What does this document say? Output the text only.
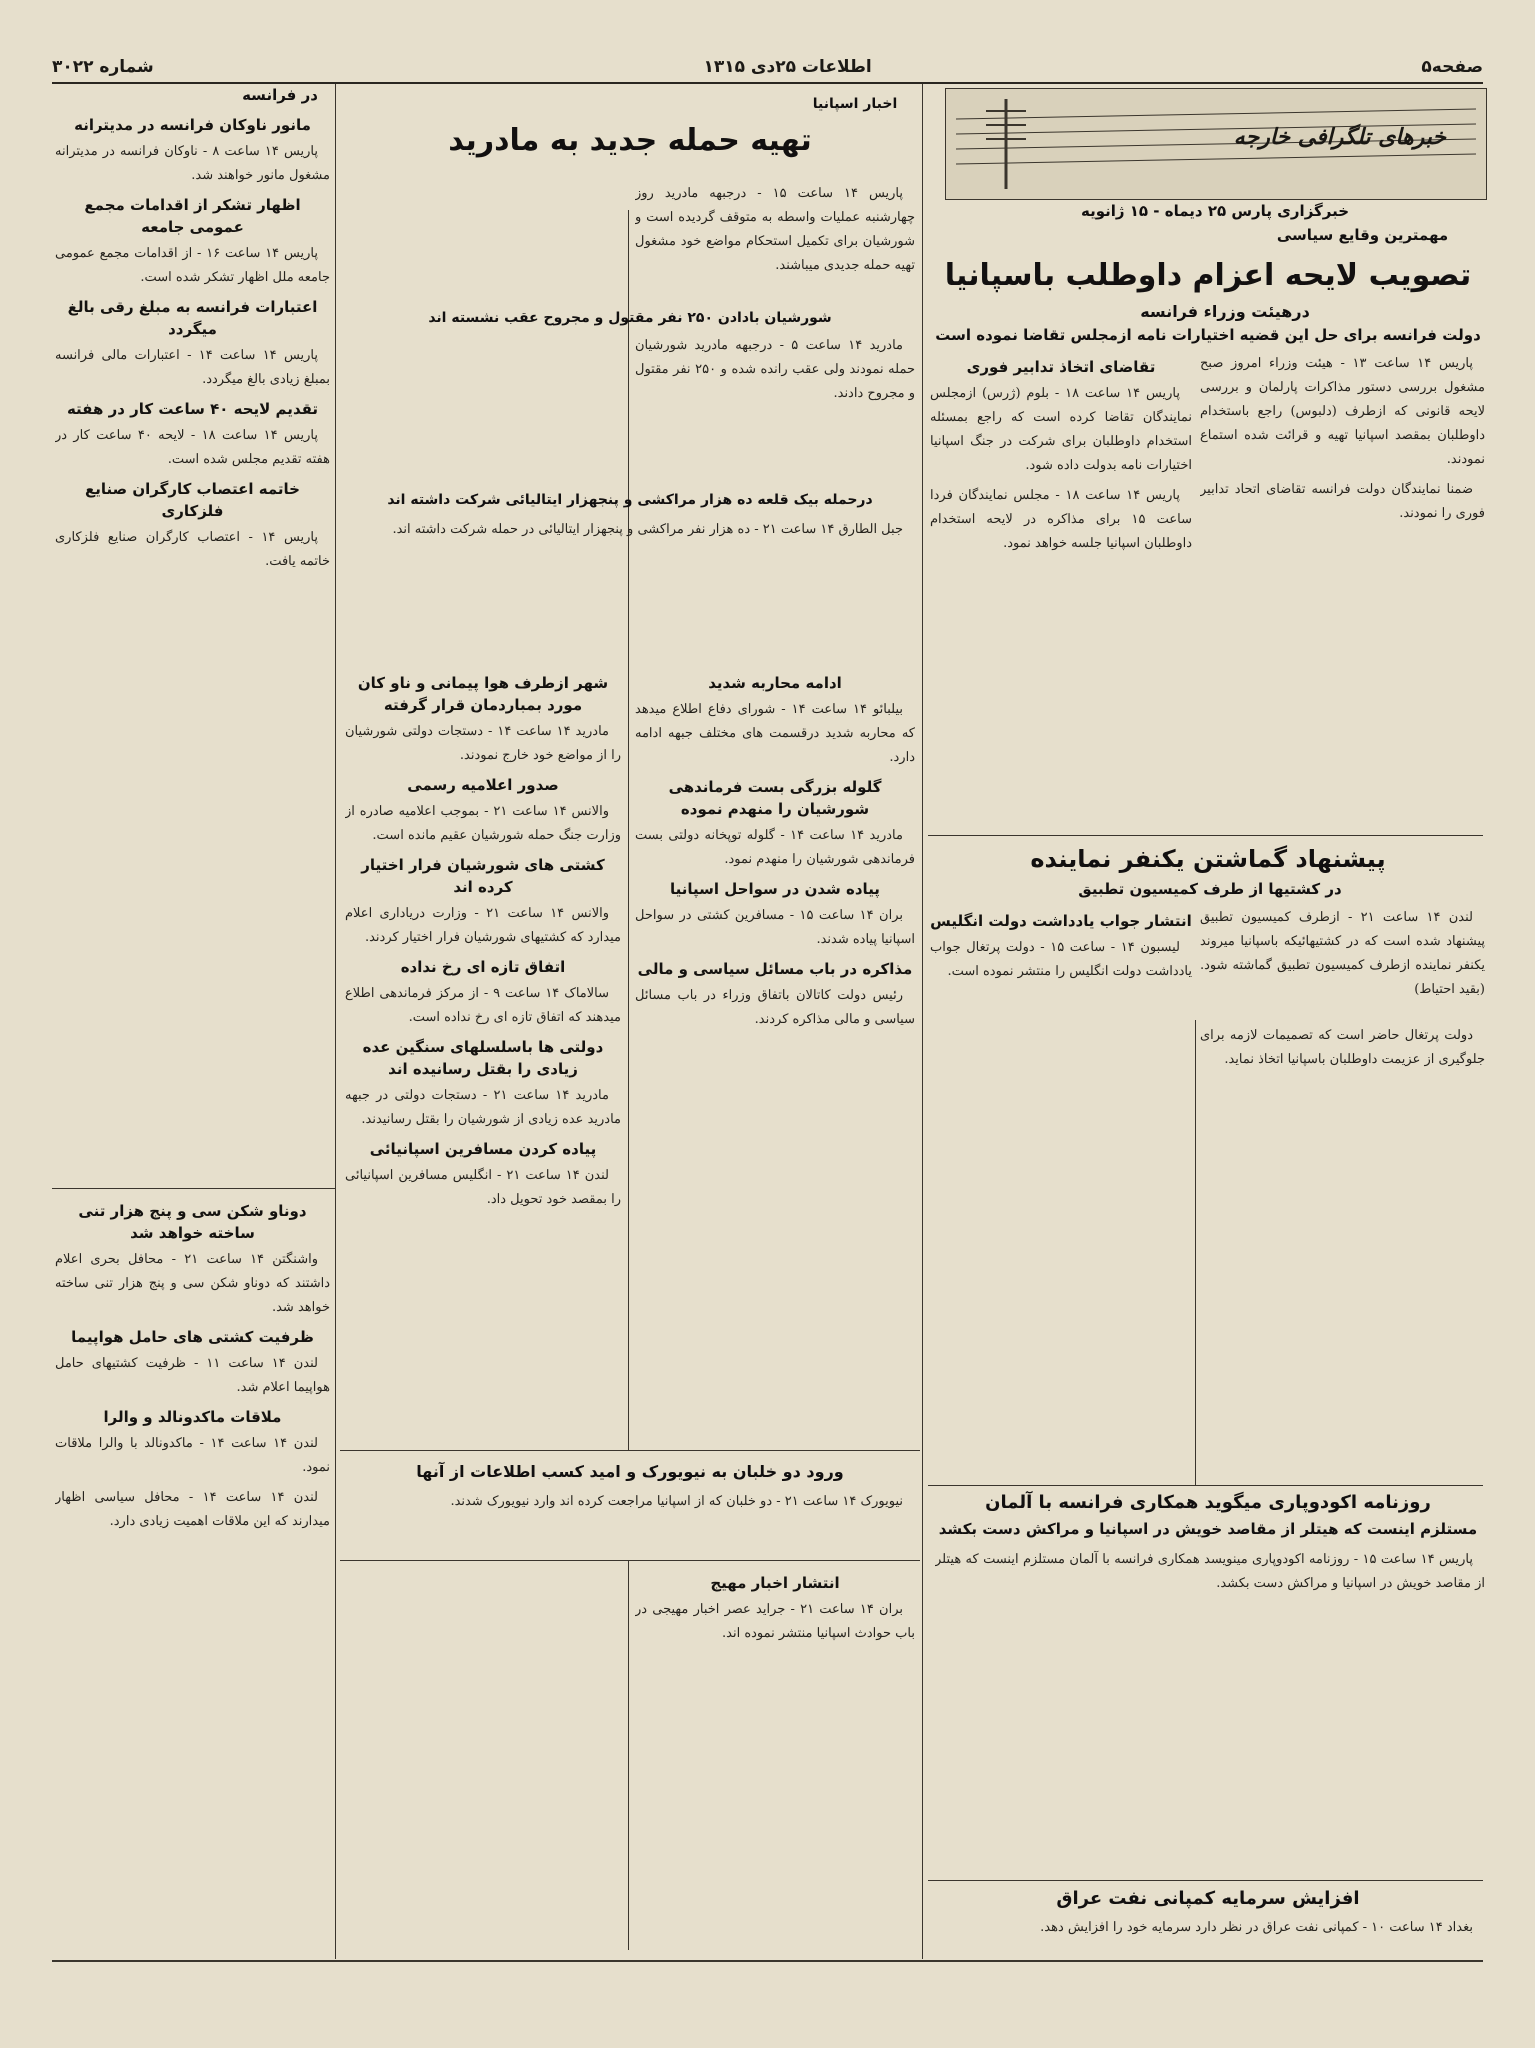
صفحه۵
اطلاعات ۲۵دی ۱۳۱۵
شماره ۳۰۲۲
خبرهای تلگرافی خارجه
خبرگزاری پارس ۲۵ دیماه - ۱۵ ژانویه
مهمترین وقایع سیاسی
تصویب لایحه اعزام داوطلب باسپانیا
درهیئت وزراء فرانسه
دولت فرانسه برای حل این قضیه اختیارات نامه ازمجلس تقاضا نموده است

پاریس ۱۴ ساعت ۱۳ - هیئت وزراء امروز صبح مشغول بررسی دستور مذاکرات پارلمان و بررسی لایحه قانونی که ازطرف (دلبوس) راجع باستخدام داوطلبان بمقصد اسپانیا تهیه و قرائت شده استماع نمودند.

ضمنا نمایندگان دولت فرانسه تقاضای اتحاد تدابیر فوری را نمودند.

تقاضای اتخاذ تدابیر فوری

پاریس ۱۴ ساعت ۱۸ - بلوم (ژرس) ازمجلس نمایندگان تقاضا کرده است که راجع بمسئله استخدام داوطلبان برای شرکت در جنگ اسپانیا اختیارات نامه بدولت داده شود.

پاریس ۱۴ ساعت ۱۸ - مجلس نمایندگان فردا ساعت ۱۵ برای مذاکره در لایحه استخدام داوطلبان اسپانیا جلسه خواهد نمود.

پیشنهاد گماشتن یکنفر نماینده
در کشتیها از طرف کمیسیون تطبیق

لندن ۱۴ ساعت ۲۱ - ازطرف کمیسیون تطبیق پیشنهاد شده است که در کشتیهائیکه باسپانیا میروند یکنفر نماینده ازطرف کمیسیون تطبیق گماشته شود. (بقید احتیاط)

انتشار جواب یادداشت دولت انگلیس

لیسبون ۱۴ - ساعت ۱۵ - دولت پرتغال جواب یادداشت دولت انگلیس را منتشر نموده است.

دولت پرتغال حاضر است که تصمیمات لازمه برای جلوگیری از عزیمت داوطلبان باسپانیا اتخاذ نماید.

اخبار اسپانیا
تهیه حمله جدید به مادرید

پاریس ۱۴ ساعت ۱۵ - درجبهه مادرید روز چهارشنبه عملیات واسطه به متوقف گردیده است و شورشیان برای تکمیل استحکام مواضع خود مشغول تهیه حمله جدیدی میباشند.

شورشیان بادادن ۲۵۰ نفر مقتول و مجروح عقب نشسته اند

مادرید ۱۴ ساعت ۵ - درجبهه مادرید شورشیان حمله نمودند ولی عقب رانده شده و ۲۵۰ نفر مقتول و مجروح دادند.

درحمله بیک قلعه ده هزار مراکشی و پنجهزار ایتالیائی شرکت داشته اند

جبل الطارق ۱۴ ساعت ۲۱ - ده هزار نفر مراکشی و پنجهزار ایتالیائی در حمله شرکت داشته اند.

ادامه محاربه شدید

بیلبائو ۱۴ ساعت ۱۴ - شورای دفاع اطلاع میدهد که محاربه شدید درقسمت های مختلف جبهه ادامه دارد.

گلوله بزرگی بست فرماندهی شورشیان را منهدم نموده

مادرید ۱۴ ساعت ۱۴ - گلوله توپخانه دولتی بست فرماندهی شورشیان را منهدم نمود.

پیاده شدن در سواحل اسپانیا

بران ۱۴ ساعت ۱۵ - مسافرین کشتی در سواحل اسپانیا پیاده شدند.

مذاکره در باب مسائل سیاسی و مالی

رئیس دولت کاتالان باتفاق وزراء در باب مسائل سیاسی و مالی مذاکره کردند.

شهر ازطرف هوا پیمانی و ناو کان مورد بمباردمان قرار گرفته

مادرید ۱۴ ساعت ۱۴ - دستجات دولتی شورشیان را از مواضع خود خارج نمودند.

صدور اعلامیه رسمی

والانس ۱۴ ساعت ۲۱ - بموجب اعلامیه صادره از وزارت جنگ حمله شورشیان عقیم مانده است.

کشتی های شورشیان فرار اختیار کرده اند

والانس ۱۴ ساعت ۲۱ - وزارت دریاداری اعلام میدارد که کشتیهای شورشیان فرار اختیار کردند.

اتفاق تازه ای رخ نداده

سالاماک ۱۴ ساعت ۹ - از مرکز فرماندهی اطلاع میدهند که اتفاق تازه ای رخ نداده است.

دولتی ها باسلسلهای سنگین عده زیادی را بقتل رسانیده اند

مادرید ۱۴ ساعت ۲۱ - دستجات دولتی در جبهه مادرید عده زیادی از شورشیان را بقتل رسانیدند.

پیاده کردن مسافرین اسپانیائی

لندن ۱۴ ساعت ۲۱ - انگلیس مسافرین اسپانیائی را بمقصد خود تحویل داد.

ورود دو خلبان به نیویورک و امید کسب اطلاعات از آنها

نیویورک ۱۴ ساعت ۲۱ - دو خلبان که از اسپانیا مراجعت کرده اند وارد نیویورک شدند.

انتشار اخبار مهیج

بران ۱۴ ساعت ۲۱ - جراید عصر اخبار مهیجی در باب حوادث اسپانیا منتشر نموده اند.

روزنامه اکودوپاری میگوید همکاری فرانسه با آلمان
مستلزم اینست که هیتلر از مقاصد خویش در اسپانیا و مراکش دست بکشد

پاریس ۱۴ ساعت ۱۵ - روزنامه اکودوپاری مینویسد همکاری فرانسه با آلمان مستلزم اینست که هیتلر از مقاصد خویش در اسپانیا و مراکش دست بکشد.

افزایش سرمایه کمپانی نفت عراق

بغداد ۱۴ ساعت ۱۰ - کمپانی نفت عراق در نظر دارد سرمایه خود را افزایش دهد.

در فرانسه
مانور ناوکان فرانسه در مدیترانه

پاریس ۱۴ ساعت ۸ - ناوکان فرانسه در مدیترانه مشغول مانور خواهند شد.

اظهار تشکر از اقدامات مجمع عمومی جامعه

پاریس ۱۴ ساعت ۱۶ - از اقدامات مجمع عمومی جامعه ملل اظهار تشکر شده است.

اعتبارات فرانسه به مبلغ رقی بالغ میگردد

پاریس ۱۴ ساعت ۱۴ - اعتبارات مالی فرانسه بمبلغ زیادی بالغ میگردد.

تقدیم لایحه ۴۰ ساعت کار در هفته

پاریس ۱۴ ساعت ۱۸ - لایحه ۴۰ ساعت کار در هفته تقدیم مجلس شده است.

خاتمه اعتصاب کارگران صنایع فلزکاری

پاریس ۱۴ - اعتصاب کارگران صنایع فلزکاری خاتمه یافت.

دوناو شکن سی و پنج هزار تنی ساخته خواهد شد

واشنگتن ۱۴ ساعت ۲۱ - محافل بحری اعلام داشتند که دوناو شکن سی و پنج هزار تنی ساخته خواهد شد.

ظرفیت کشتی های حامل هواپیما

لندن ۱۴ ساعت ۱۱ - ظرفیت کشتیهای حامل هواپیما اعلام شد.

ملاقات ماکدونالد و والرا

لندن ۱۴ ساعت ۱۴ - ماکدونالد با والرا ملاقات نمود.

لندن ۱۴ ساعت ۱۴ - محافل سیاسی اظهار میدارند که این ملاقات اهمیت زیادی دارد.
